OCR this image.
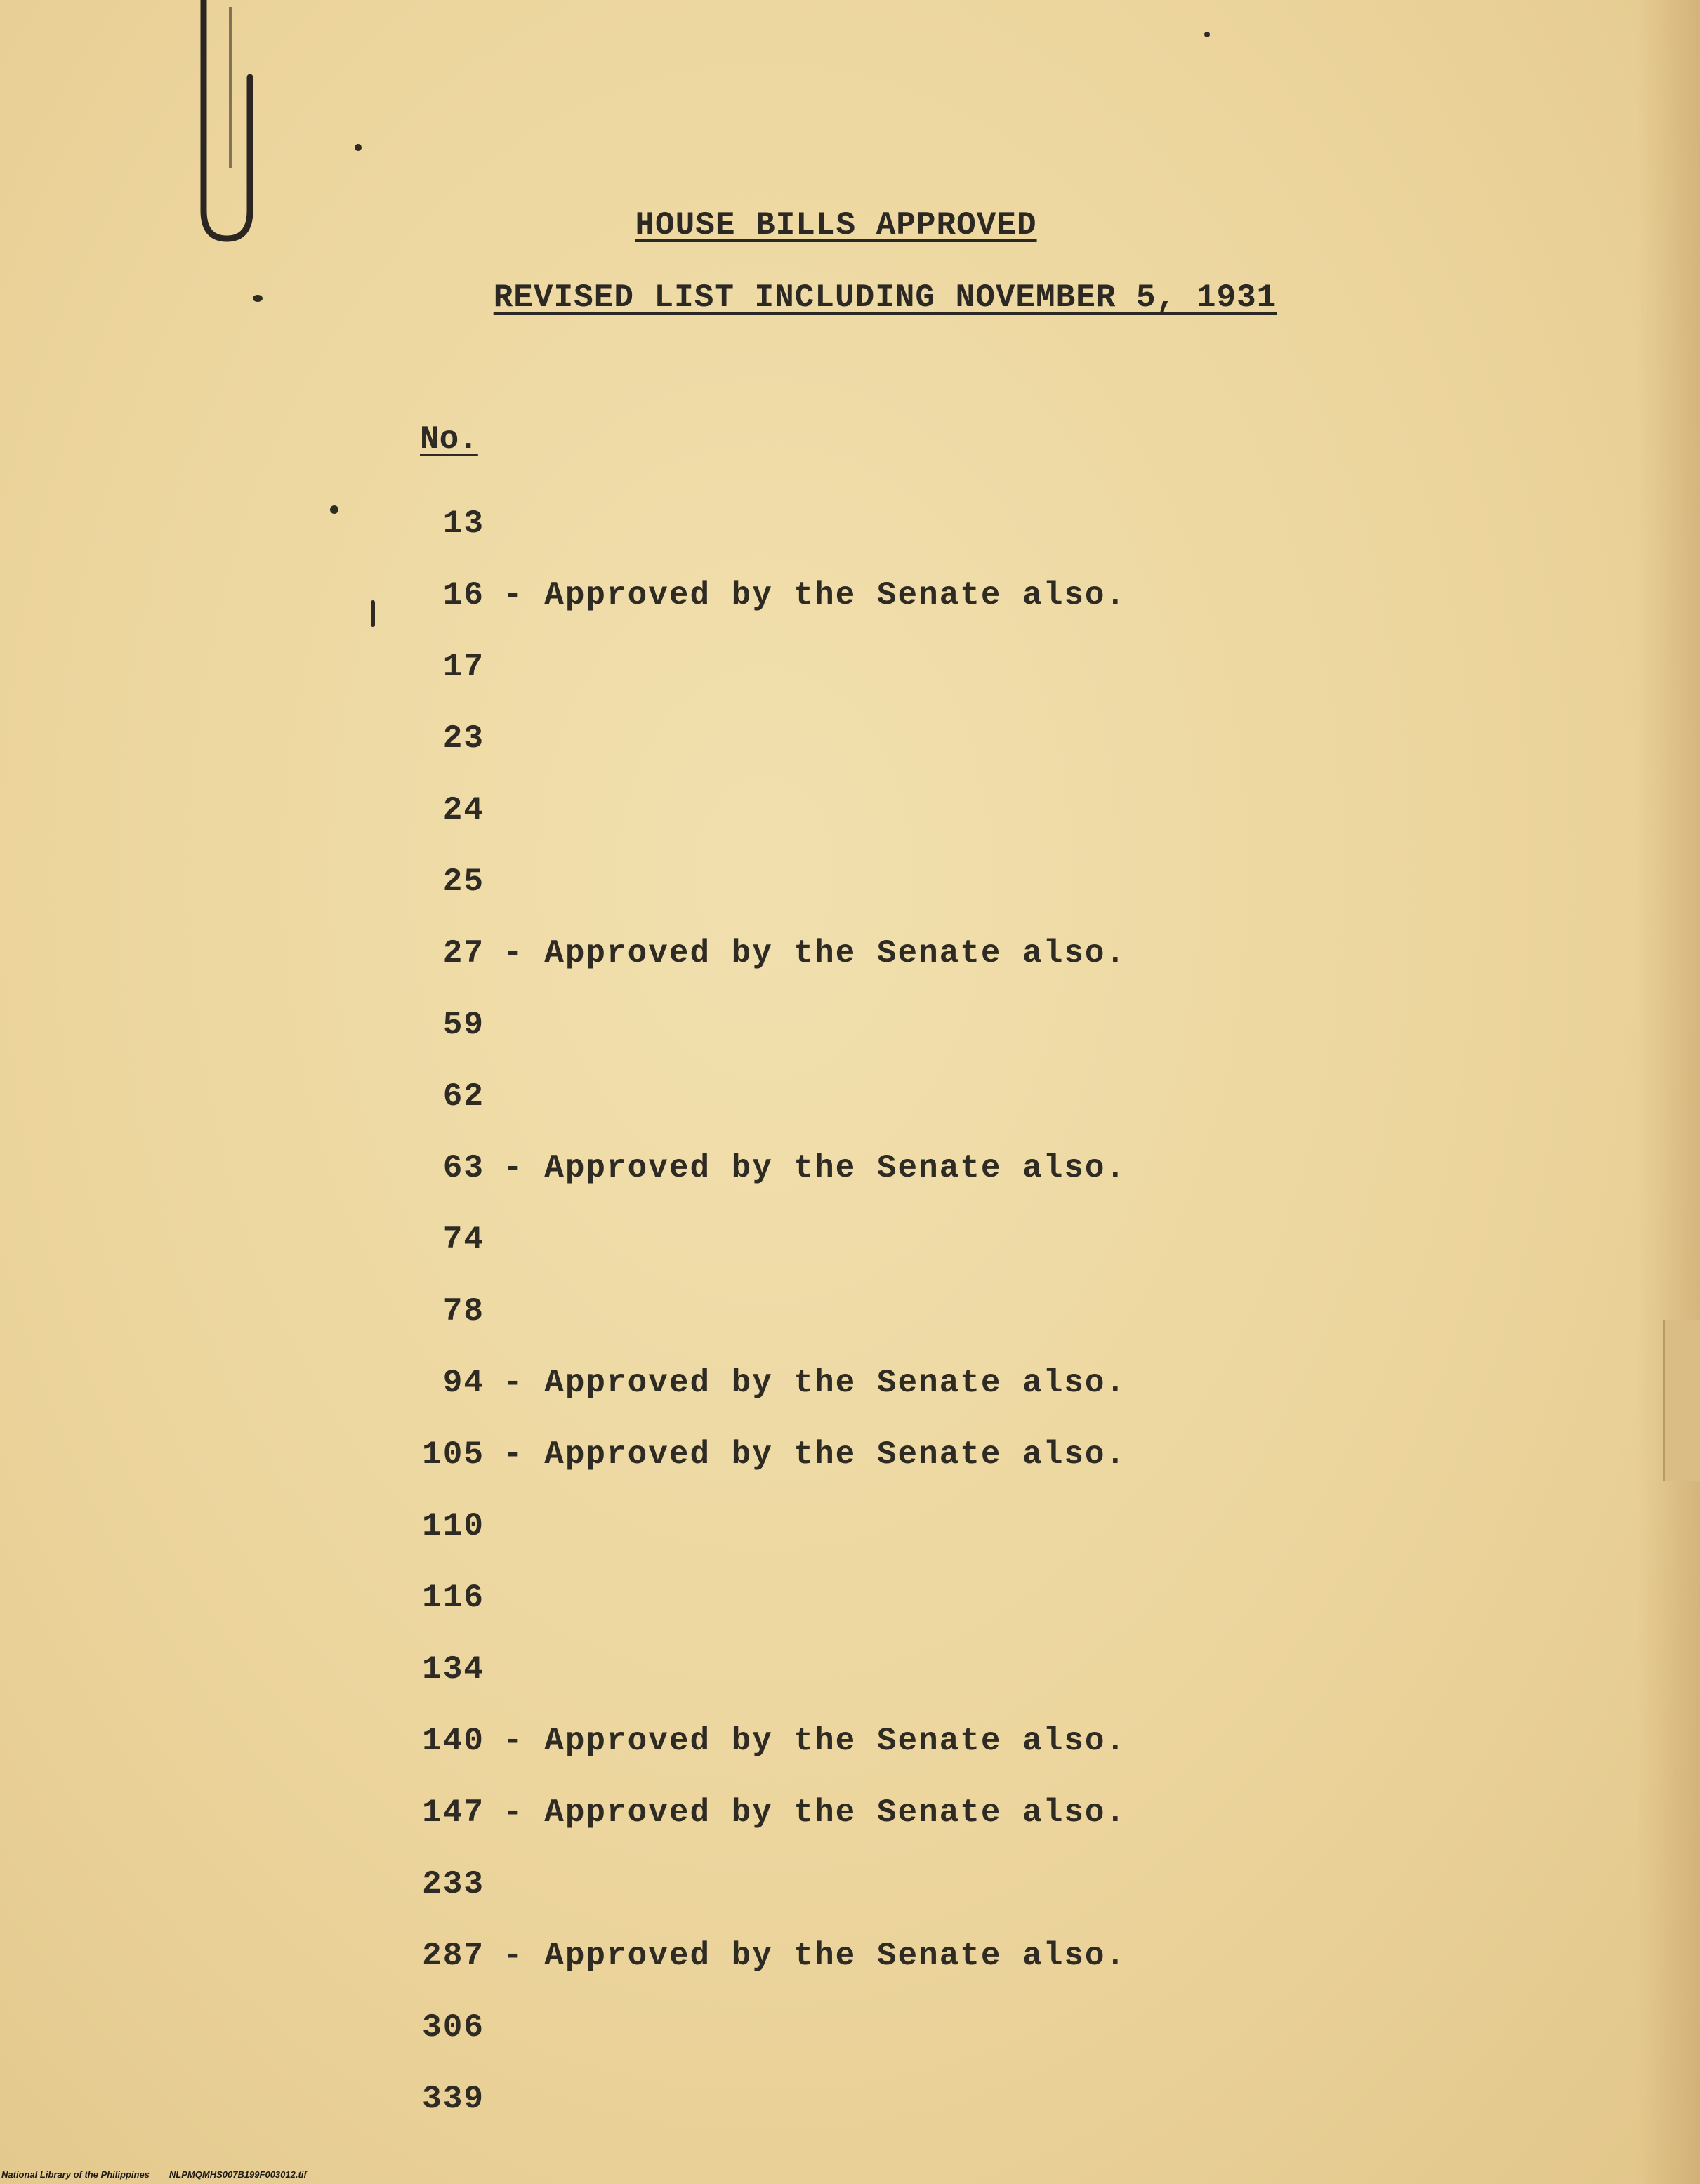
HOUSE BILLS APPROVED
REVISED LIST INCLUDING NOVEMBER 5, 1931
No.
13
16 - Approved by the Senate also.
17
23
24
25
27 - Approved by the Senate also.
59
62
63 - Approved by the Senate also.
74
78
94 - Approved by the Senate also.
105 - Approved by the Senate also.
110
116
134
140 - Approved by the Senate also.
147 - Approved by the Senate also.
233
287 - Approved by the Senate also.
306
339
National Library of the Philippines NLPMQMHS007B199F003012.tif
